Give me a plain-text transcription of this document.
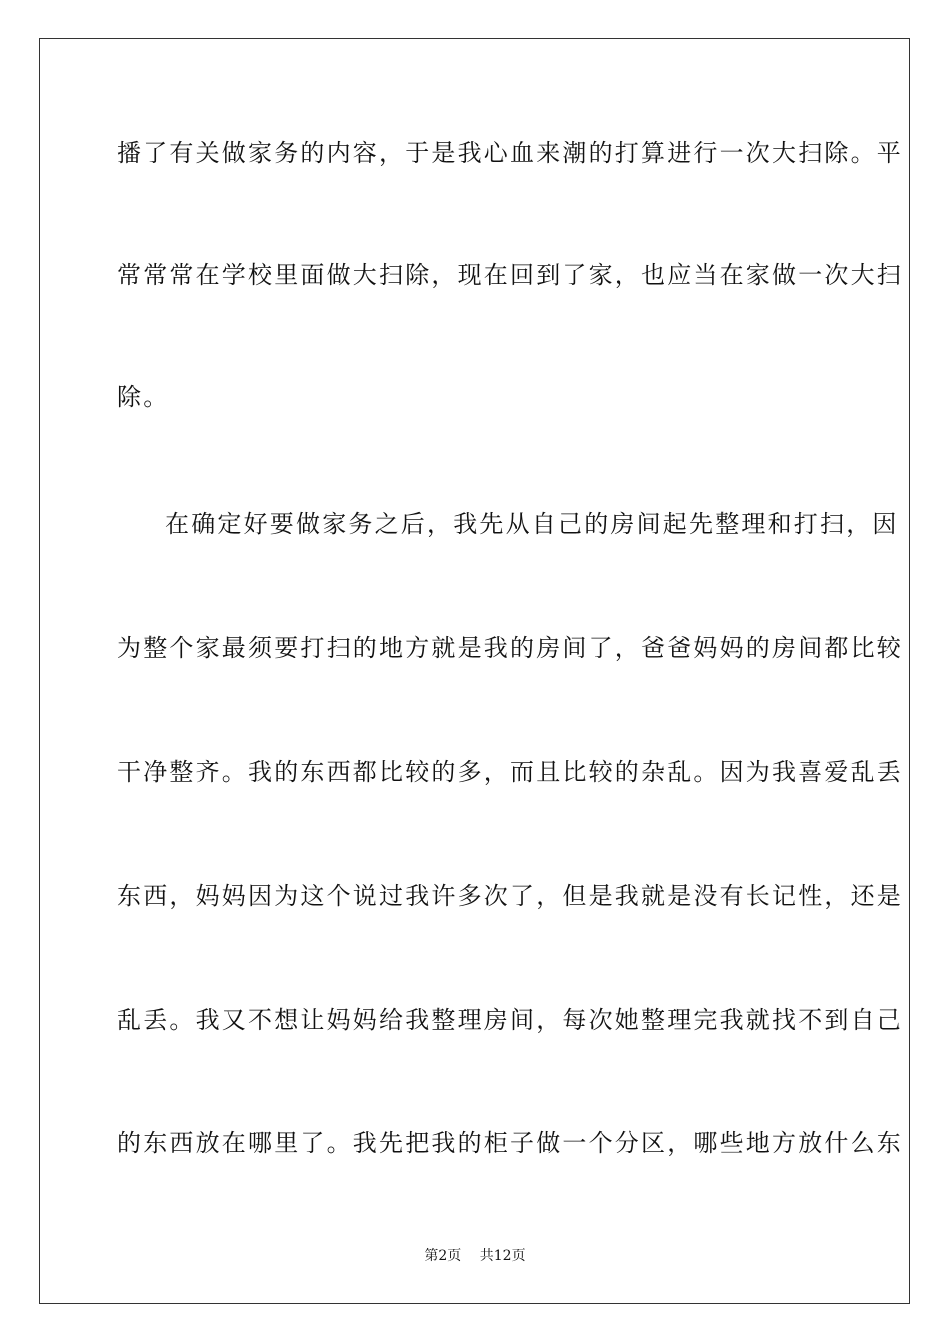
播了有关做家务的内容，于是我心血来潮的打算进行一次大扫除。平
常常常在学校里面做大扫除，现在回到了家，也应当在家做一次大扫
除。
在确定好要做家务之后，我先从自己的房间起先整理和打扫，因
为整个家最须要打扫的地方就是我的房间了，爸爸妈妈的房间都比较
干净整齐。我的东西都比较的多，而且比较的杂乱。因为我喜爱乱丢
东西，妈妈因为这个说过我许多次了，但是我就是没有长记性，还是
乱丢。我又不想让妈妈给我整理房间，每次她整理完我就找不到自己
的东西放在哪里了。我先把我的柜子做一个分区，哪些地方放什么东
第2页 共12页
